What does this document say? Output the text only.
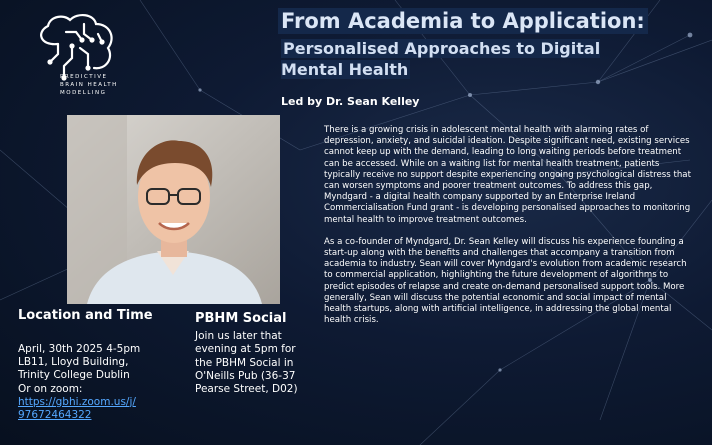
PREDICTIVE
BRAIN HEALTH
MODELLING
From Academia to Application:
Personalised Approaches to Digital Mental Health
Led by Dr. Sean Kelley

There is a growing crisis in adolescent mental health with alarming rates of depression, anxiety, and suicidal ideation. Despite significant need, existing services cannot keep up with the demand, leading to long waiting periods before treatment can be accessed. While on a waiting list for mental health treatment, patients typically receive no support despite experiencing ongoing psychological distress that can worsen symptoms and poorer treatment outcomes. To address this gap, Myndgard - a digital health company supported by an Enterprise Ireland Commercialisation Fund grant - is developing personalised approaches to monitoring mental health to improve treatment outcomes.

As a co-founder of Myndgard, Dr. Sean Kelley will discuss his experience founding a start-up along with the benefits and challenges that accompany a transition from academia to industry. Sean will cover Myndgard's evolution from academic research to commercial application, highlighting the future development of algorithms to predict episodes of relapse and create on-demand personalised support tools. More generally, Sean will discuss the potential economic and social impact of mental health startups, along with artificial intelligence, in addressing the global mental health crisis.

Location and Time
April, 30th 2025 4-5pm
LB11, Lloyd Building,
Trinity College Dublin
Or on zoom:
https://gbhi.zoom.us/j/
97672464322
PBHM Social
Join us later that evening at 5pm for the PBHM Social in O'Neills Pub (36-37 Pearse Street, D02)
